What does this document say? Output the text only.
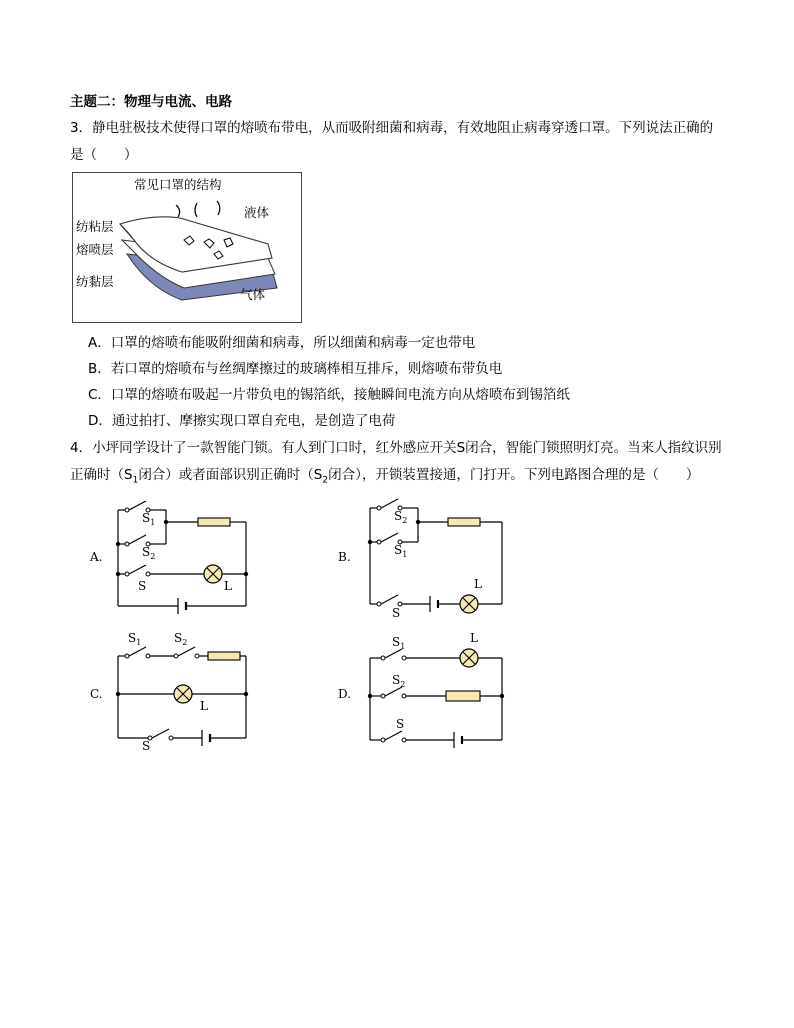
主题二：物理与电流、电路
3．静电驻极技术使得口罩的熔喷布带电，从而吸附细菌和病毒，有效地阻止病毒穿透口罩。下列说法正确的
是（　　）
常见口罩的结构
液体
纺粘层
熔喷层
纺黏层
气体
A．口罩的熔喷布能吸附细菌和病毒，所以细菌和病毒一定也带电
B．若口罩的熔喷布与丝绸摩擦过的玻璃棒相互排斥，则熔喷布带负电
C．口罩的熔喷布吸起一片带负电的锡箔纸，接触瞬间电流方向从熔喷布到锡箔纸
D．通过拍打、摩擦实现口罩自充电，是创造了电荷
4．小坪同学设计了一款智能门锁。有人到门口时，红外感应开关S闭合，智能门锁照明灯亮。当来人指纹识别
正确时（$S_1$闭合）或者面部识别正确时（$S_2$闭合），开锁装置接通，门打开。下列电路图合理的是（　　）
A.
$S_1$
$S_2$
S	L
B.
$S_2$
$S_1$
S
L
C.
$S_1$	$S_2$
L
S
D.
$S_1$
L
$S_2$
S
